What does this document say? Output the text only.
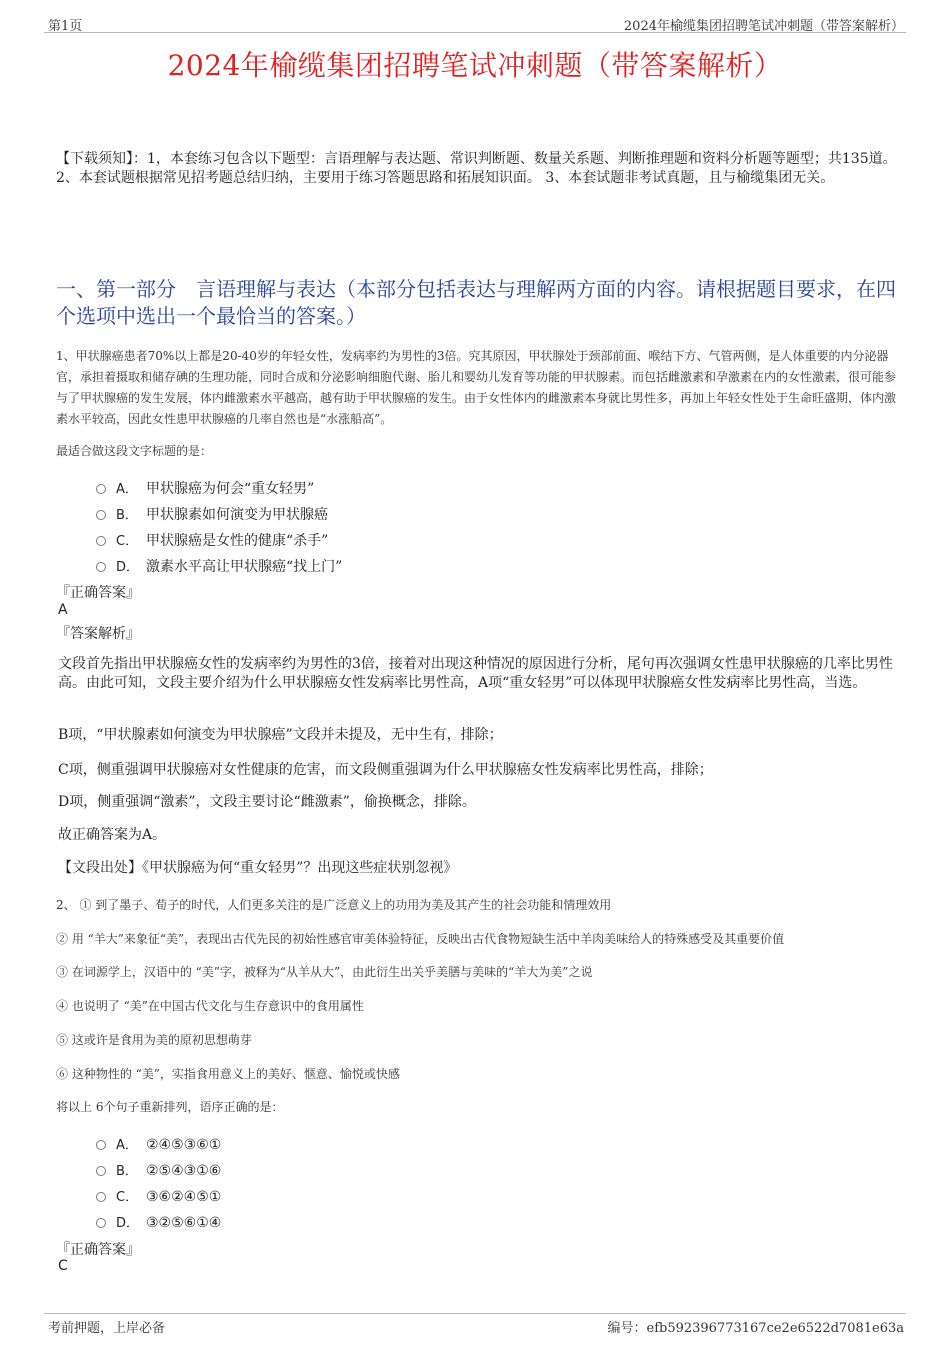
第1页	2024年榆缆集团招聘笔试冲刺题（带答案解析）
2024年榆缆集团招聘笔试冲刺题（带答案解析）
【下载须知】：1，本套练习包含以下题型：言语理解与表达题、常识判断题、数量关系题、判断推理题和资料分析题等题型；共135道。 2、本套试题根据常见招考题总结归纳，主要用于练习答题思路和拓展知识面。 3、本套试题非考试真题，且与榆缆集团无关。
一、第一部分　言语理解与表达（本部分包括表达与理解两方面的内容。请根据题目要求，在四个选项中选出一个最恰当的答案。）
1、甲状腺癌患者70%以上都是20-40岁的年轻女性，发病率约为男性的3倍。究其原因，甲状腺处于颈部前面、喉结下方、气管两侧，是人体重要的内分泌器官，承担着摄取和储存碘的生理功能，同时合成和分泌影响细胞代谢、胎儿和婴幼儿发育等功能的甲状腺素。而包括雌激素和孕激素在内的女性激素，很可能参与了甲状腺癌的发生发展，体内雌激素水平越高，越有助于甲状腺癌的发生。由于女性体内的雌激素本身就比男性多，再加上年轻女性处于生命旺盛期，体内激素水平较高，因此女性患甲状腺癌的几率自然也是“水涨船高”。
最适合做这段文字标题的是：
A． 甲状腺癌为何会“重女轻男”
B． 甲状腺素如何演变为甲状腺癌
C． 甲状腺癌是女性的健康“杀手”
D． 激素水平高让甲状腺癌“找上门”
『正确答案』
A
『答案解析』
文段首先指出甲状腺癌女性的发病率约为男性的3倍，接着对出现这种情况的原因进行分析，尾句再次强调女性患甲状腺癌的几率比男性高。由此可知，文段主要介绍为什么甲状腺癌女性发病率比男性高，A项“重女轻男”可以体现甲状腺癌女性发病率比男性高，当选。
B项，“甲状腺素如何演变为甲状腺癌”文段并未提及，无中生有，排除；
C项，侧重强调甲状腺癌对女性健康的危害，而文段侧重强调为什么甲状腺癌女性发病率比男性高，排除；
D项，侧重强调“激素”，文段主要讨论“雌激素”，偷换概念，排除。
故正确答案为A。
【文段出处】《甲状腺癌为何“重女轻男”？出现这些症状别忽视》
2、 ① 到了墨子、荀子的时代，人们更多关注的是广泛意义上的功用为美及其产生的社会功能和情理效用
② 用 “羊大”来象征“美”，表现出古代先民的初始性感官审美体验特征，反映出古代食物短缺生活中羊肉美味给人的特殊感受及其重要价值
③ 在词源学上，汉语中的 “美”字，被释为“从羊从大”，由此衍生出关乎美膳与美味的“羊大为美”之说
④ 也说明了 “美”在中国古代文化与生存意识中的食用属性
⑤ 这或许是食用为美的原初思想萌芽
⑥ 这种物性的 “美”，实指食用意义上的美好、惬意、愉悦或快感
将以上 6个句子重新排列，语序正确的是：
A． ②④⑤③⑥①
B． ②⑤④③①⑥
C． ③⑥②④⑤①
D． ③②⑤⑥①④
『正确答案』
C
考前押题，上岸必备	编号：efb592396773167ce2e6522d7081e63a
